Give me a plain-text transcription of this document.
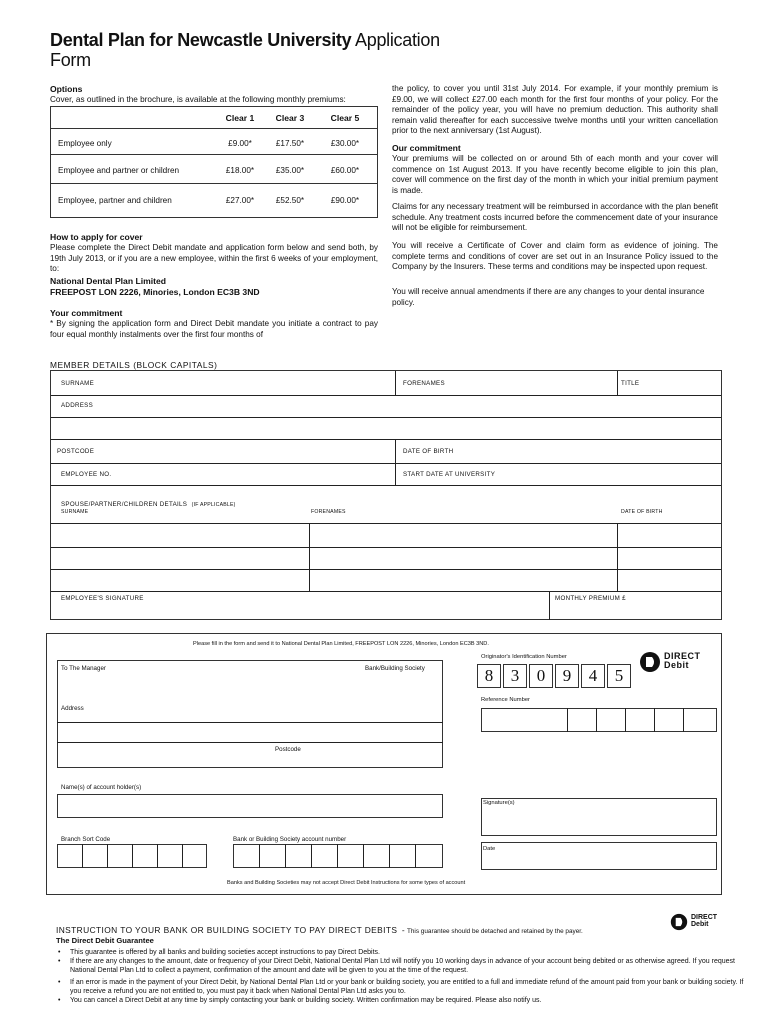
Dental Plan for Newcastle University Application
Form
Options
Cover, as outlined in the brochure, is available at the following monthly premiums:
Clear 1	Clear 3	Clear 5
Employee only	£9.00*	£17.50*	£30.00*
Employee and partner or children	£18.00*	£35.00*	£60.00*
Employee, partner and children	£27.00*	£52.50*	£90.00*
How to apply for cover
Please complete the Direct Debit mandate and application form below and send both, by 19th July 2013, or if you are a new employee, within the first 6 weeks of your employment, to:
National Dental Plan Limited
FREEPOST LON 2226, Minories, London EC3B 3ND
Your commitment
* By signing the application form and Direct Debit mandate you initiate a contract to pay four equal monthly instalments over the first four months of
the policy, to cover you until 31st July 2014. For example, if your monthly premium is £9.00, we will collect £27.00 each month for the first four months of your policy. For the remainder of the policy year, you will have no premium deduction. This authority shall remain valid thereafter for each successive twelve months until your written cancellation prior to the next anniversary (1st August).
Our commitment
Your premiums will be collected on or around 5th of each month and your cover will commence on 1st August 2013. If you have recently become eligible to join this plan, cover will commence on the first day of the month in which your initial premium payment is made.
Claims for any necessary treatment will be reimbursed in accordance with the plan benefit schedule. Any treatment costs incurred before the commencement date of your insurance will not be eligible for reimbursement.
You will receive a Certificate of Cover and claim form as evidence of joining. The complete terms and conditions of cover are set out in an Insurance Policy issued to the Company by the Insurers. These terms and conditions may be inspected upon request.
You will receive annual amendments if there are any changes to your dental insurance policy.
MEMBER DETAILS (BLOCK CAPITALS)
SURNAME	FORENAMES	TITLE
ADDRESS
POSTCODE	DATE OF BIRTH
EMPLOYEE NO.	START DATE AT UNIVERSITY
SPOUSE/PARTNER/CHILDREN DETAILS (IF APPLICABLE)
SURNAME	FORENAMES	DATE OF BIRTH
EMPLOYEE'S SIGNATURE	MONTHLY PREMIUM £
Please fill in the form and send it to National Dental Plan Limited, FREEPOST LON 2226, Minories, London EC3B 3ND.
To The Manager	Bank/Building Society
Address
Postcode
Name(s) of account holder(s)
Branch Sort Code	Bank or Building Society account number
Originator's Identification Number
8	3	0	9	4	5
DIRECT
Debit
Reference Number
Signature(s)
Date
Banks and Building Societies may not accept Direct Debit Instructions for some types of account
INSTRUCTION TO YOUR BANK OR BUILDING SOCIETY TO PAY DIRECT DEBITS - This guarantee should be detached and retained by the payer.
DIRECT
Debit
The Direct Debit Guarantee
• This guarantee is offered by all banks and building societies accept instructions to pay Direct Debits.
• If there are any changes to the amount, date or frequency of your Direct Debit, National Dental Plan Ltd will notify you 10 working days in advance of your account being debited or as otherwise agreed. If you request National Dental Plan Ltd to collect a payment, confirmation of the amount and date will be given to you at the time of the request.
• If an error is made in the payment of your Direct Debit, by National Dental Plan Ltd or your bank or building society, you are entitled to a full and immediate refund of the amount paid from your bank or building society. If you receive a refund you are not entitled to, you must pay it back when National Dental Plan Ltd asks you to.
• You can cancel a Direct Debit at any time by simply contacting your bank or building society. Written confirmation may be required. Please also notify us.
